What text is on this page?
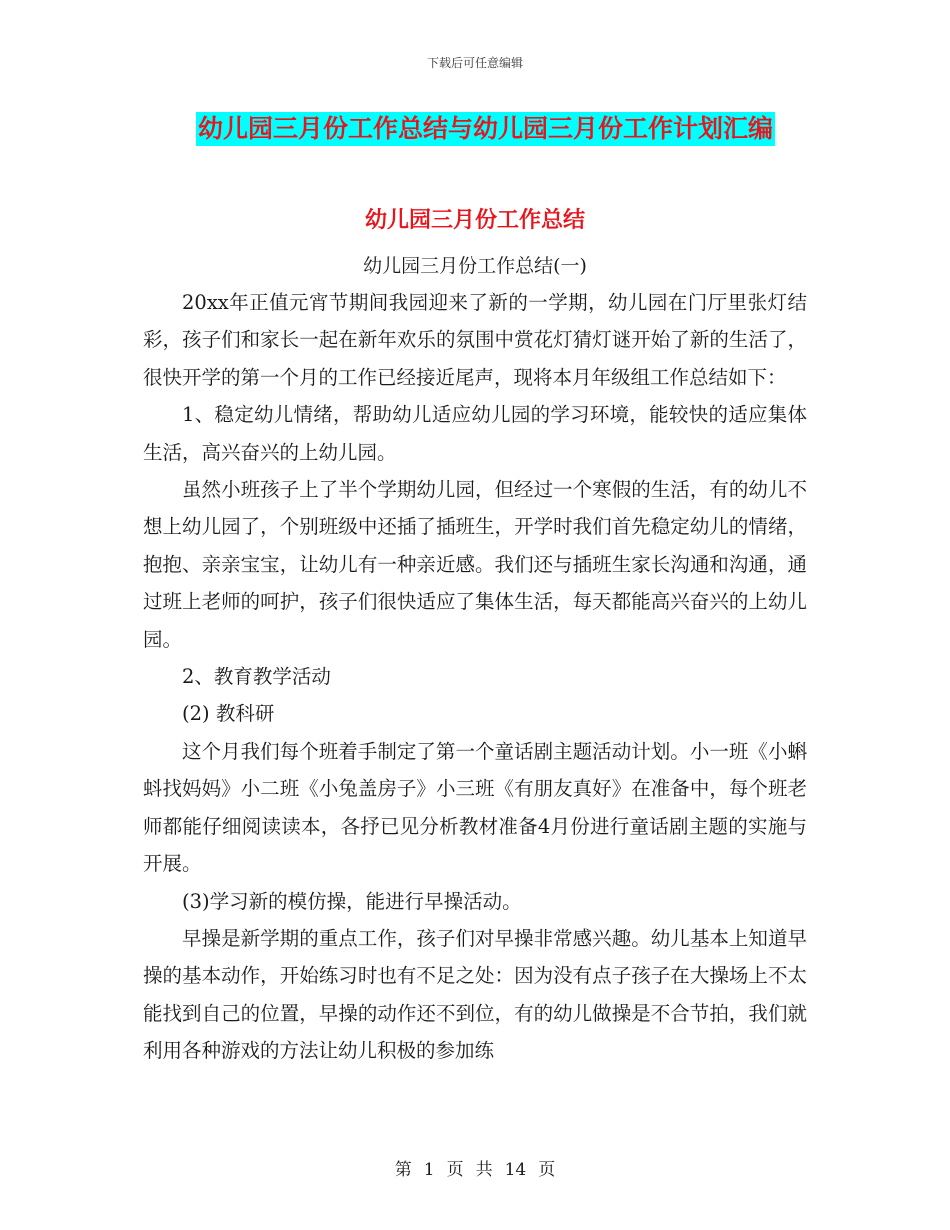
下载后可任意编辑
幼儿园三月份工作总结与幼儿园三月份工作计划汇编
幼儿园三月份工作总结
幼儿园三月份工作总结(一)

20xx年正值元宵节期间我园迎来了新的一学期，幼儿园在门厅里张灯结彩，孩子们和家长一起在新年欢乐的氛围中赏花灯猜灯谜开始了新的生活了，很快开学的第一个月的工作已经接近尾声，现将本月年级组工作总结如下：

1、稳定幼儿情绪，帮助幼儿适应幼儿园的学习环境，能较快的适应集体生活，高兴奋兴的上幼儿园。

虽然小班孩子上了半个学期幼儿园，但经过一个寒假的生活，有的幼儿不想上幼儿园了，个别班级中还插了插班生，开学时我们首先稳定幼儿的情绪，抱抱、亲亲宝宝，让幼儿有一种亲近感。我们还与插班生家长沟通和沟通，通过班上老师的呵护，孩子们很快适应了集体生活，每天都能高兴奋兴的上幼儿园。

2、教育教学活动

(2) 教科研

这个月我们每个班着手制定了第一个童话剧主题活动计划。小一班《小蝌蚪找妈妈》小二班《小兔盖房子》小三班《有朋友真好》在准备中，每个班老师都能仔细阅读读本，各抒已见分析教材准备4月份进行童话剧主题的实施与开展。

(3)学习新的模仿操，能进行早操活动。

早操是新学期的重点工作，孩子们对早操非常感兴趣。幼儿基本上知道早操的基本动作，开始练习时也有不足之处：因为没有点子孩子在大操场上不太能找到自己的位置，早操的动作还不到位，有的幼儿做操是不合节拍，我们就利用各种游戏的方法让幼儿积极的参加练

第 1 页 共 14 页
